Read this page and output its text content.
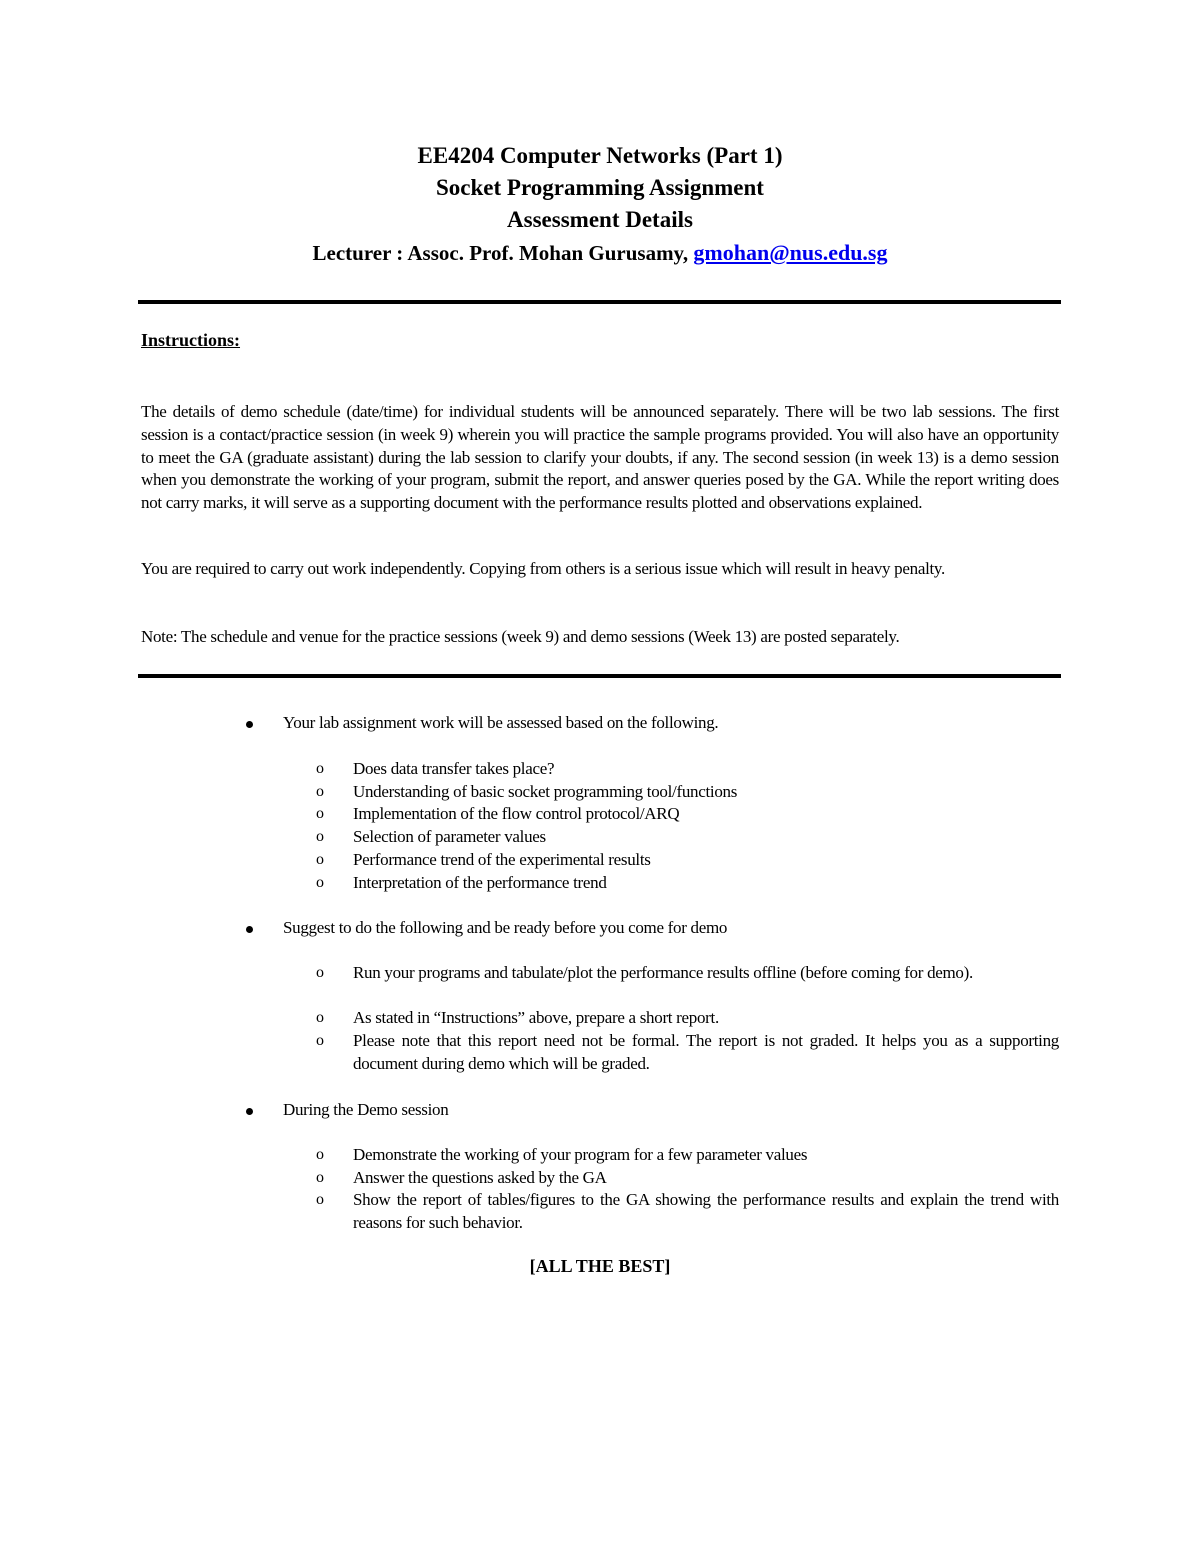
EE4204 Computer Networks (Part 1)
Socket Programming Assignment
Assessment Details
Lecturer : Assoc. Prof. Mohan Gurusamy, gmohan@nus.edu.sg
Instructions:
The details of demo schedule (date/time) for individual students will be announced separately. There will be two lab sessions. The first session is a contact/practice session (in week 9) wherein you will practice the sample programs provided. You will also have an opportunity to meet the GA (graduate assistant) during the lab session to clarify your doubts, if any. The second session (in week 13) is a demo session when you demonstrate the working of your program, submit the report, and answer queries posed by the GA. While the report writing does not carry marks, it will serve as a supporting document with the performance results plotted and observations explained.
You are required to carry out work independently. Copying from others is a serious issue which will result in heavy penalty.
Note: The schedule and venue for the practice sessions (week 9) and demo sessions (Week 13) are posted separately.
Your lab assignment work will be assessed based on the following.
o Does data transfer takes place?
o Understanding of basic socket programming tool/functions
o Implementation of the flow control protocol/ARQ
o Selection of parameter values
o Performance trend of the experimental results
o Interpretation of the performance trend
Suggest to do the following and be ready before you come for demo
o Run your programs and tabulate/plot the performance results offline (before coming for demo).
o As stated in “Instructions” above, prepare a short report.
o Please note that this report need not be formal. The report is not graded. It helps you as a supporting document during demo which will be graded.
During the Demo session
o Demonstrate the working of your program for a few parameter values
o Answer the questions asked by the GA
o Show the report of tables/figures to the GA showing the performance results and explain the trend with reasons for such behavior.
[ALL THE BEST]
